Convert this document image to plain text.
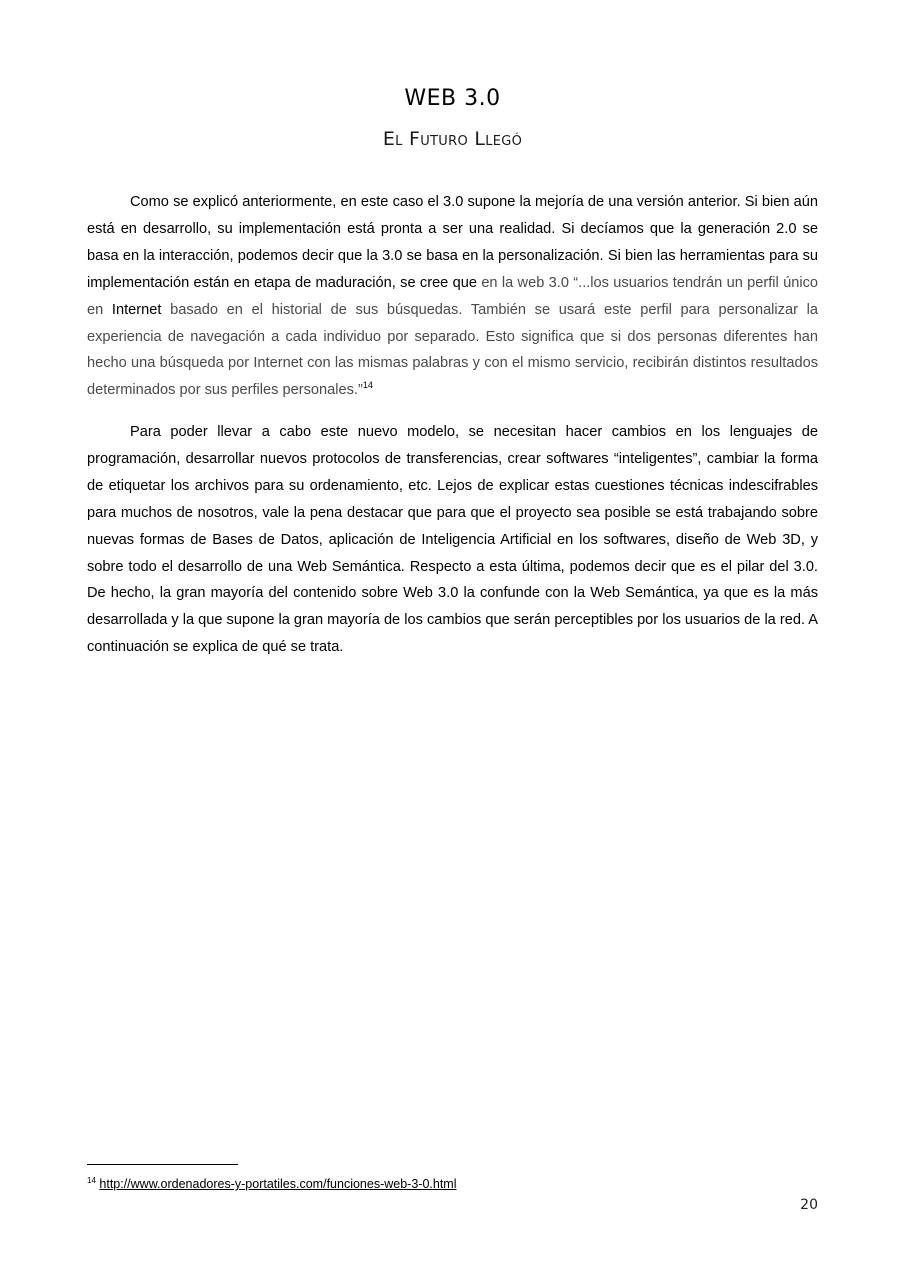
WEB 3.0
El Futuro Llegó

Como se explicó anteriormente, en este caso el 3.0 supone la mejoría de una versión anterior. Si bien aún está en desarrollo, su implementación está pronta a ser una realidad. Si decíamos que la generación 2.0 se basa en la interacción, podemos decir que la 3.0 se basa en la personalización. Si bien las herramientas para su implementación están en etapa de maduración, se cree que en la web 3.0 “...los usuarios tendrán un perfil único en Internet basado en el historial de sus búsquedas. También se usará este perfil para personalizar la experiencia de navegación a cada individuo por separado. Esto significa que si dos personas diferentes han hecho una búsqueda por Internet con las mismas palabras y con el mismo servicio, recibirán distintos resultados determinados por sus perfiles personales.”$^{14}$

Para poder llevar a cabo este nuevo modelo, se necesitan hacer cambios en los lenguajes de programación, desarrollar nuevos protocolos de transferencias, crear softwares “inteligentes”, cambiar la forma de etiquetar los archivos para su ordenamiento, etc. Lejos de explicar estas cuestiones técnicas indescifrables para muchos de nosotros, vale la pena destacar que para que el proyecto sea posible se está trabajando sobre nuevas formas de Bases de Datos, aplicación de Inteligencia Artificial en los softwares, diseño de Web 3D, y sobre todo el desarrollo de una Web Semántica. Respecto a esta última, podemos decir que es el pilar del 3.0. De hecho, la gran mayoría del contenido sobre Web 3.0 la confunde con la Web Semántica, ya que es la más desarrollada y la que supone la gran mayoría de los cambios que serán perceptibles por los usuarios de la red. A continuación se explica de qué se trata.

$^{14}$ http://www.ordenadores-y-portatiles.com/funciones-web-3-0.html
20
